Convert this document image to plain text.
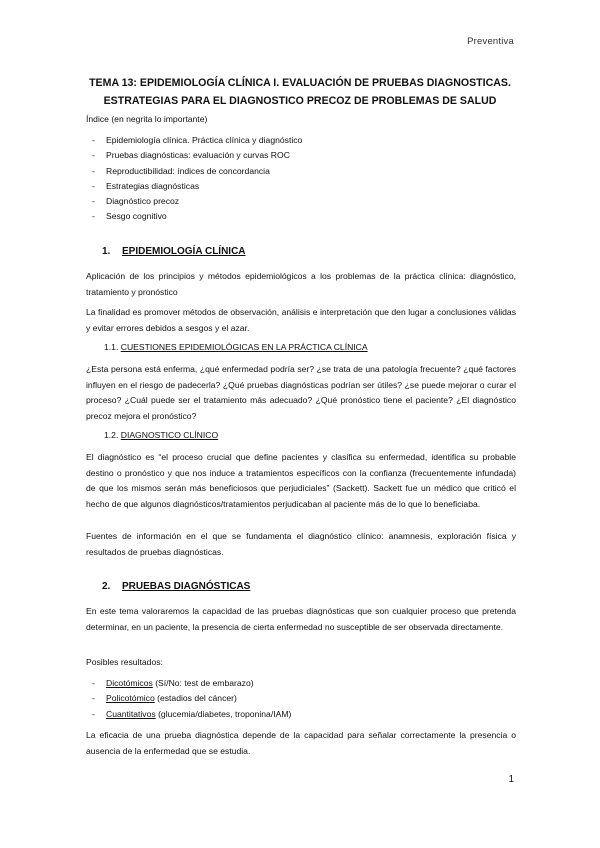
Preventiva
TEMA 13: EPIDEMIOLOGÍA CLÍNICA I. EVALUACIÓN DE PRUEBAS DIAGNOSTICAS.
ESTRATEGIAS PARA EL DIAGNOSTICO PRECOZ DE PROBLEMAS DE SALUD
Índice (en negrita lo importante)
- Epidemiología clínica. Práctica clínica y diagnóstico
- Pruebas diagnósticas: evaluación y curvas ROC
- Reproductibilidad: índices de concordancia
- Estrategias diagnósticas
- Diagnóstico precoz
- Sesgo cognitivo
1. EPIDEMIOLOGÍA CLÍNICA
Aplicación de los principios y métodos epidemiológicos a los problemas de la práctica clínica: diagnóstico, tratamiento y pronóstico
La finalidad es promover métodos de observación, análisis e interpretación que den lugar a conclusiones válidas y evitar errores debidos a sesgos y el azar.
1.1. CUESTIONES EPIDEMIOLÓGICAS EN LA PRÁCTICA CLÍNICA
¿Esta persona está enferma, ¿qué enfermedad podría ser? ¿se trata de una patología frecuente? ¿qué factores influyen en el riesgo de padecerla? ¿Qué pruebas diagnósticas podrían ser útiles? ¿se puede mejorar o curar el proceso? ¿Cuál puede ser el tratamiento más adecuado? ¿Qué pronóstico tiene el paciente? ¿El diagnóstico precoz mejora el pronóstico?
1.2. DIAGNOSTICO CLÍNICO
El diagnóstico es “el proceso crucial que define pacientes y clasifica su enfermedad, identifica su probable destino o pronóstico y que nos induce a tratamientos específicos con la confianza (frecuentemente infundada) de que los mismos serán más beneficiosos que perjudiciales” (Sackett). Sackett fue un médico que criticó el hecho de que algunos diagnósticos/tratamientos perjudicaban al paciente más de lo que lo beneficiaba.
Fuentes de información en el que se fundamenta el diagnóstico clínico: anamnesis, exploración física y resultados de pruebas diagnósticas.
2. PRUEBAS DIAGNÓSTICAS
En este tema valoraremos la capacidad de las pruebas diagnósticas que son cualquier proceso que pretenda determinar, en un paciente, la presencia de cierta enfermedad no susceptible de ser observada directamente.
Posibles resultados:
- Dicotómicos (Sí/No: test de embarazo)
- Policotómico (estadios del cáncer)
- Cuantitativos (glucemia/diabetes, troponina/IAM)
La eficacia de una prueba diagnóstica depende de la capacidad para señalar correctamente la presencia o ausencia de la enfermedad que se estudia.
1
